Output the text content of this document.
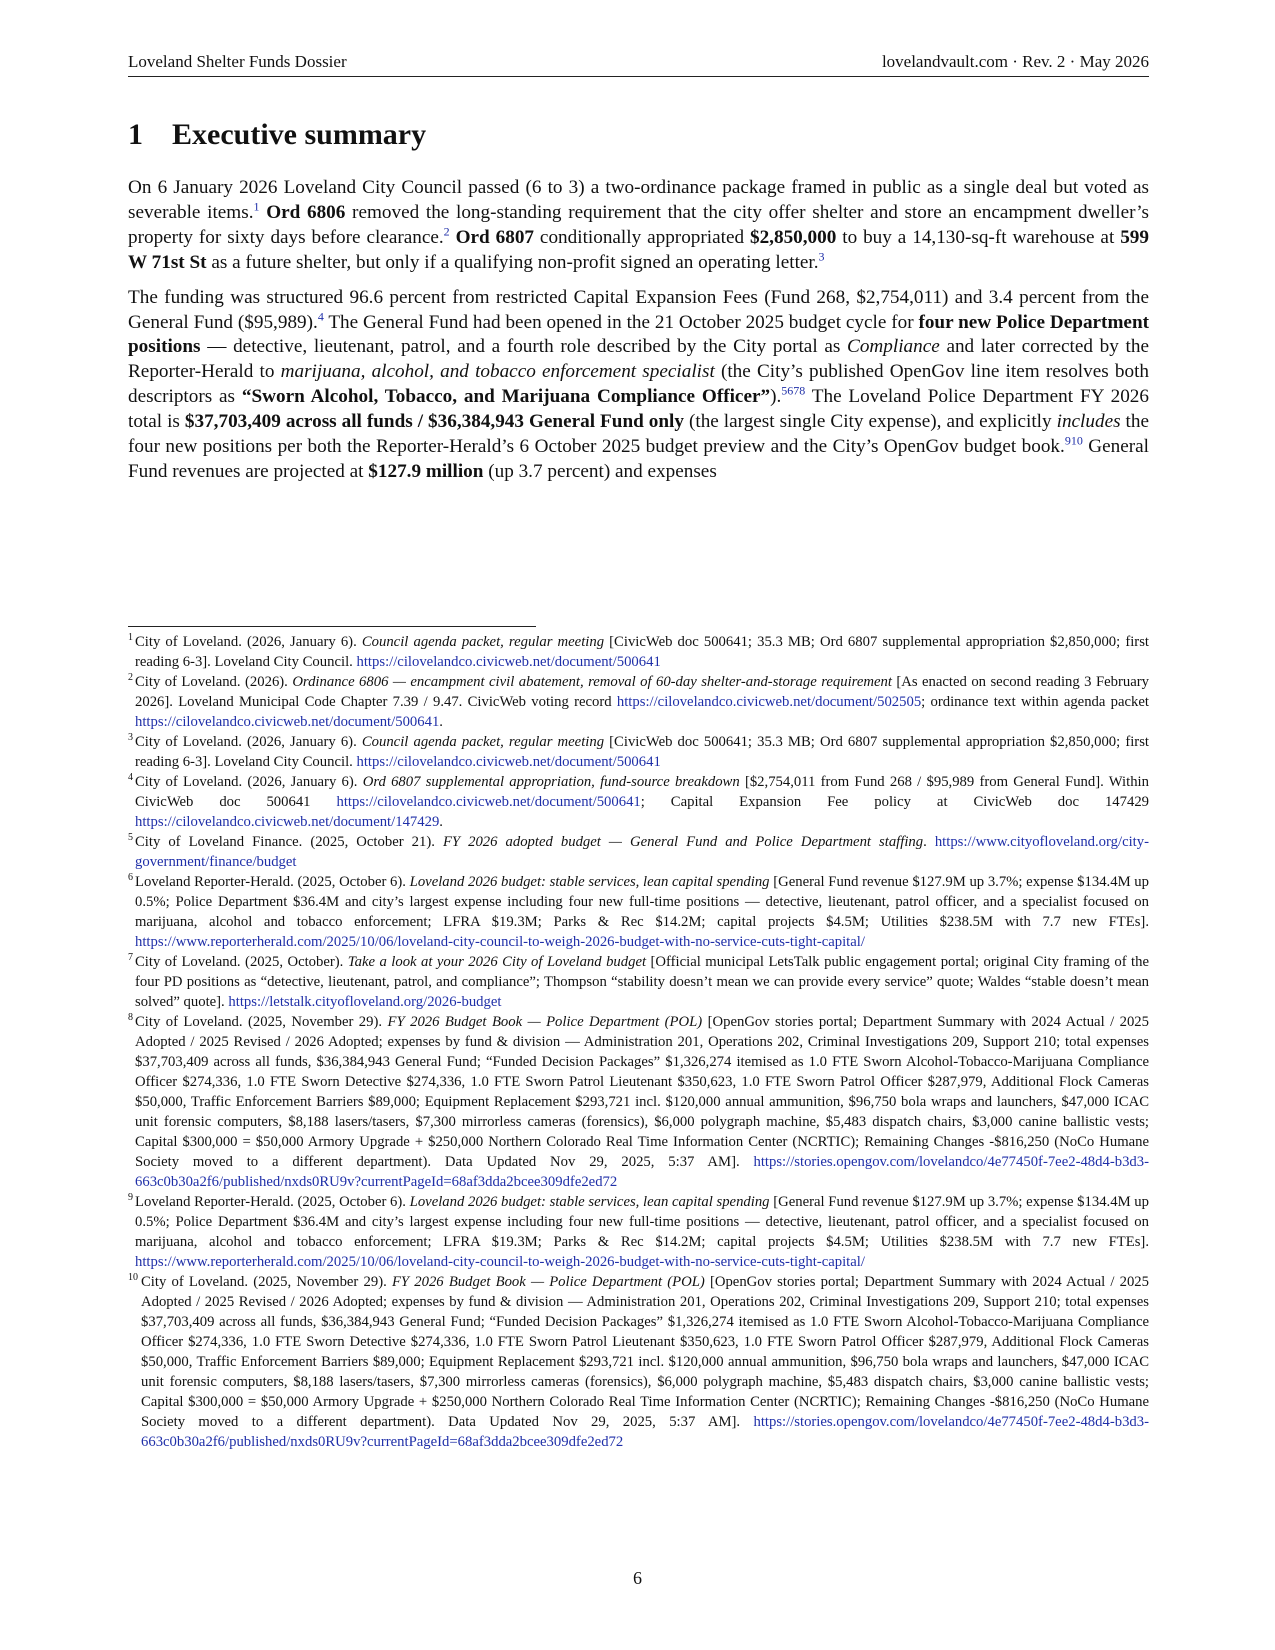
Loveland Shelter Funds Dossier	lovelandvault.com · Rev. 2 · May 2026
1 Executive summary

On 6 January 2026 Loveland City Council passed (6 to 3) a two-ordinance package framed in public as a single deal but voted as severable items.$^1$ Ord 6806 removed the long-standing requirement that the city offer shelter and store an encampment dweller’s property for sixty days before clearance.$^2$ Ord 6807 conditionally appropriated $2,850,000 to buy a 14,130-sq-ft warehouse at 599 W 71st St as a future shelter, but only if a qualifying non-profit signed an operating letter.$^3$

The funding was structured 96.6 percent from restricted Capital Expansion Fees (Fund 268, $2,754,011) and 3.4 percent from the General Fund ($95,989).$^4$ The General Fund had been opened in the 21 October 2025 budget cycle for four new Police Department positions — detective, lieutenant, patrol, and a fourth role described by the City portal as Compliance and later corrected by the Reporter-Herald to marijuana, alcohol, and tobacco enforcement specialist (the City’s published OpenGov line item resolves both descriptors as “Sworn Alcohol, Tobacco, and Marijuana Compliance Officer”).$^{5678}$ The Loveland Police Department FY 2026 total is $37,703,409 across all funds / $36,384,943 General Fund only (the largest single City expense), and explicitly includes the four new positions per both the Reporter-Herald’s 6 October 2025 budget preview and the City’s OpenGov budget book.$^{910}$ General Fund revenues are projected at $127.9 million (up 3.7 percent) and expenses

1 City of Loveland. (2026, January 6). Council agenda packet, regular meeting [CivicWeb doc 500641; 35.3 MB; Ord 6807 supplemental appropriation $2,850,000; first reading 6-3]. Loveland City Council. https://cilovelandco.civicweb.net/document/500641

2 City of Loveland. (2026). Ordinance 6806 — encampment civil abatement, removal of 60-day shelter-and-storage requirement [As enacted on second reading 3 February 2026]. Loveland Municipal Code Chapter 7.39 / 9.47. CivicWeb voting record https://cilovelandco.civicweb.net/document/502505; ordinance text within agenda packet https://cilovelandco.civicweb.net/document/500641.

3 City of Loveland. (2026, January 6). Council agenda packet, regular meeting [CivicWeb doc 500641; 35.3 MB; Ord 6807 supplemental appropriation $2,850,000; first reading 6-3]. Loveland City Council. https://cilovelandco.civicweb.net/document/500641

4 City of Loveland. (2026, January 6). Ord 6807 supplemental appropriation, fund-source breakdown [$2,754,011 from Fund 268 / $95,989 from General Fund]. Within CivicWeb doc 500641 https://cilovelandco.civicweb.net/document/500641; Capital Expansion Fee policy at CivicWeb doc 147429 https://cilovelandco.civicweb.net/document/147429.

5 City of Loveland Finance. (2025, October 21). FY 2026 adopted budget — General Fund and Police Department staffing. https://www.cityofloveland.org/city-government/finance/budget

6 Loveland Reporter-Herald. (2025, October 6). Loveland 2026 budget: stable services, lean capital spending [General Fund revenue $127.9M up 3.7%; expense $134.4M up 0.5%; Police Department $36.4M and city’s largest expense including four new full-time positions — detective, lieutenant, patrol officer, and a specialist focused on marijuana, alcohol and tobacco enforcement; LFRA $19.3M; Parks & Rec $14.2M; capital projects $4.5M; Utilities $238.5M with 7.7 new FTEs]. https://www.reporterherald.com/2025/10/06/loveland-city-council-to-weigh-2026-budget-with-no-service-cuts-tight-capital/

7 City of Loveland. (2025, October). Take a look at your 2026 City of Loveland budget [Official municipal LetsTalk public engagement portal; original City framing of the four PD positions as “detective, lieutenant, patrol, and compliance”; Thompson “stability doesn’t mean we can provide every service” quote; Waldes “stable doesn’t mean solved” quote]. https://letstalk.cityofloveland.org/2026-budget

8 City of Loveland. (2025, November 29). FY 2026 Budget Book — Police Department (POL) [OpenGov stories portal; Department Summary with 2024 Actual / 2025 Adopted / 2025 Revised / 2026 Adopted; expenses by fund & division — Administration 201, Operations 202, Criminal Investigations 209, Support 210; total expenses $37,703,409 across all funds, $36,384,943 General Fund; “Funded Decision Packages” $1,326,274 itemised as 1.0 FTE Sworn Alcohol-Tobacco-Marijuana Compliance Officer $274,336, 1.0 FTE Sworn Detective $274,336, 1.0 FTE Sworn Patrol Lieutenant $350,623, 1.0 FTE Sworn Patrol Officer $287,979, Additional Flock Cameras $50,000, Traffic Enforcement Barriers $89,000; Equipment Replacement $293,721 incl. $120,000 annual ammunition, $96,750 bola wraps and launchers, $47,000 ICAC unit forensic computers, $8,188 lasers/tasers, $7,300 mirrorless cameras (forensics), $6,000 polygraph machine, $5,483 dispatch chairs, $3,000 canine ballistic vests; Capital $300,000 = $50,000 Armory Upgrade + $250,000 Northern Colorado Real Time Information Center (NCRTIC); Remaining Changes -$816,250 (NoCo Humane Society moved to a different department). Data Updated Nov 29, 2025, 5:37 AM]. https://stories.opengov.com/lovelandco/4e77450f-7ee2-48d4-b3d3-663c0b30a2f6/published/nxds0RU9v?currentPageId=68af3dda2bcee309dfe2ed72

9 Loveland Reporter-Herald. (2025, October 6). Loveland 2026 budget: stable services, lean capital spending [General Fund revenue $127.9M up 3.7%; expense $134.4M up 0.5%; Police Department $36.4M and city’s largest expense including four new full-time positions — detective, lieutenant, patrol officer, and a specialist focused on marijuana, alcohol and tobacco enforcement; LFRA $19.3M; Parks & Rec $14.2M; capital projects $4.5M; Utilities $238.5M with 7.7 new FTEs]. https://www.reporterherald.com/2025/10/06/loveland-city-council-to-weigh-2026-budget-with-no-service-cuts-tight-capital/

10 City of Loveland. (2025, November 29). FY 2026 Budget Book — Police Department (POL) [OpenGov stories portal; Department Summary with 2024 Actual / 2025 Adopted / 2025 Revised / 2026 Adopted; expenses by fund & division — Administration 201, Operations 202, Criminal Investigations 209, Support 210; total expenses $37,703,409 across all funds, $36,384,943 General Fund; “Funded Decision Packages” $1,326,274 itemised as 1.0 FTE Sworn Alcohol-Tobacco-Marijuana Compliance Officer $274,336, 1.0 FTE Sworn Detective $274,336, 1.0 FTE Sworn Patrol Lieutenant $350,623, 1.0 FTE Sworn Patrol Officer $287,979, Additional Flock Cameras $50,000, Traffic Enforcement Barriers $89,000; Equipment Replacement $293,721 incl. $120,000 annual ammunition, $96,750 bola wraps and launchers, $47,000 ICAC unit forensic computers, $8,188 lasers/tasers, $7,300 mirrorless cameras (forensics), $6,000 polygraph machine, $5,483 dispatch chairs, $3,000 canine ballistic vests; Capital $300,000 = $50,000 Armory Upgrade + $250,000 Northern Colorado Real Time Information Center (NCRTIC); Remaining Changes -$816,250 (NoCo Humane Society moved to a different department). Data Updated Nov 29, 2025, 5:37 AM]. https://stories.opengov.com/lovelandco/4e77450f-7ee2-48d4-b3d3-663c0b30a2f6/published/nxds0RU9v?currentPageId=68af3dda2bcee309dfe2ed72

6
